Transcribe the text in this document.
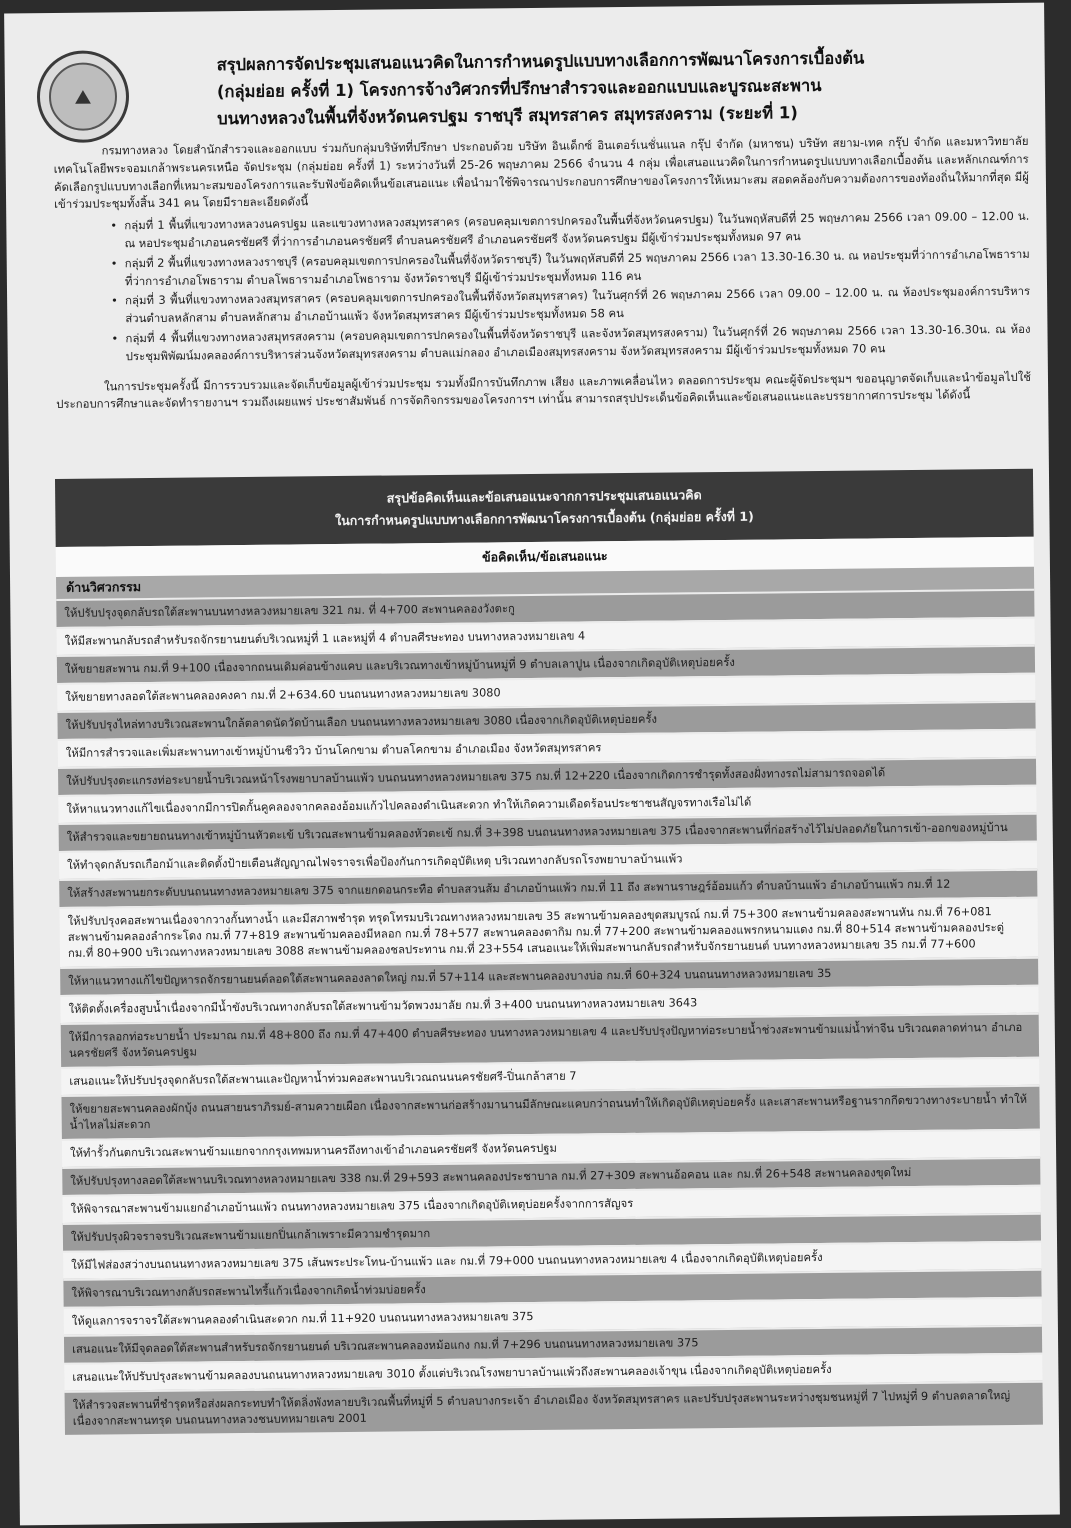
⛰
สรุปผลการจัดประชุมเสนอแนวคิดในการกำหนดรูปแบบทางเลือกการพัฒนาโครงการเบื้องต้น
(กลุ่มย่อย ครั้งที่ 1) โครงการจ้างวิศวกรที่ปรึกษาสำรวจและออกแบบและบูรณะสะพาน
บนทางหลวงในพื้นที่จังหวัดนครปฐม ราชบุรี สมุทรสาคร สมุทรสงคราม (ระยะที่ 1)

กรมทางหลวง โดยสำนักสำรวจและออกแบบ ร่วมกับกลุ่มบริษัทที่ปรึกษา ประกอบด้วย บริษัท อินเด็กซ์ อินเตอร์เนชั่นแนล กรุ๊ป จำกัด (มหาชน) บริษัท สยาม-เทค กรุ๊ป จำกัด และมหาวิทยาลัยเทคโนโลยีพระจอมเกล้าพระนครเหนือ จัดประชุม (กลุ่มย่อย ครั้งที่ 1) ระหว่างวันที่ 25-26 พฤษภาคม 2566 จำนวน 4 กลุ่ม เพื่อเสนอแนวคิดในการกำหนดรูปแบบทางเลือกเบื้องต้น และหลักเกณฑ์การคัดเลือกรูปแบบทางเลือกที่เหมาะสมของโครงการและรับฟังข้อคิดเห็นข้อเสนอแนะ เพื่อนำมาใช้พิจารณาประกอบการศึกษาของโครงการให้เหมาะสม สอดคล้องกับความต้องการของท้องถิ่นให้มากที่สุด มีผู้เข้าร่วมประชุมทั้งสิ้น 341 คน โดยมีรายละเอียดดังนี้

• กลุ่มที่ 1 พื้นที่แขวงทางหลวงนครปฐม และแขวงทางหลวงสมุทรสาคร (ครอบคลุมเขตการปกครองในพื้นที่จังหวัดนครปฐม) ในวันพฤหัสบดีที่ 25 พฤษภาคม 2566 เวลา 09.00 – 12.00 น. ณ หอประชุมอำเภอนครชัยศรี ที่ว่าการอำเภอนครชัยศรี ตำบลนครชัยศรี อำเภอนครชัยศรี จังหวัดนครปฐม มีผู้เข้าร่วมประชุมทั้งหมด 97 คน
• กลุ่มที่ 2 พื้นที่แขวงทางหลวงราชบุรี (ครอบคลุมเขตการปกครองในพื้นที่จังหวัดราชบุรี) ในวันพฤหัสบดีที่ 25 พฤษภาคม 2566 เวลา 13.30-16.30 น. ณ หอประชุมที่ว่าการอำเภอโพธาราม ที่ว่าการอำเภอโพธาราม ตำบลโพธารามอำเภอโพธาราม จังหวัดราชบุรี มีผู้เข้าร่วมประชุมทั้งหมด 116 คน
• กลุ่มที่ 3 พื้นที่แขวงทางหลวงสมุทรสาคร (ครอบคลุมเขตการปกครองในพื้นที่จังหวัดสมุทรสาคร) ในวันศุกร์ที่ 26 พฤษภาคม 2566 เวลา 09.00 – 12.00 น. ณ ห้องประชุมองค์การบริหารส่วนตำบลหลักสาม ตำบลหลักสาม อำเภอบ้านแพ้ว จังหวัดสมุทรสาคร มีผู้เข้าร่วมประชุมทั้งหมด 58 คน
• กลุ่มที่ 4 พื้นที่แขวงทางหลวงสมุทรสงคราม (ครอบคลุมเขตการปกครองในพื้นที่จังหวัดราชบุรี และจังหวัดสมุทรสงคราม) ในวันศุกร์ที่ 26 พฤษภาคม 2566 เวลา 13.30-16.30น. ณ ห้องประชุมพิพัฒน์มงคลองค์การบริหารส่วนจังหวัดสมุทรสงคราม ตำบลแม่กลอง อำเภอเมืองสมุทรสงคราม จังหวัดสมุทรสงคราม มีผู้เข้าร่วมประชุมทั้งหมด 70 คน

ในการประชุมครั้งนี้ มีการรวบรวมและจัดเก็บข้อมูลผู้เข้าร่วมประชุม รวมทั้งมีการบันทึกภาพ เสียง และภาพเคลื่อนไหว ตลอดการประชุม คณะผู้จัดประชุมฯ ขออนุญาตจัดเก็บและนำข้อมูลไปใช้ประกอบการศึกษาและจัดทำรายงานฯ รวมถึงเผยแพร่ ประชาสัมพันธ์ การจัดกิจกรรมของโครงการฯ เท่านั้น สามารถสรุปประเด็นข้อคิดเห็นและข้อเสนอแนะและบรรยากาศการประชุม ได้ดังนี้

สรุปข้อคิดเห็นและข้อเสนอแนะจากการประชุมเสนอแนวคิด
ในการกำหนดรูปแบบทางเลือกการพัฒนาโครงการเบื้องต้น (กลุ่มย่อย ครั้งที่ 1)
ข้อคิดเห็น/ข้อเสนอแนะ
ด้านวิศวกรรม
ให้ปรับปรุงจุดกลับรถใต้สะพานบนทางหลวงหมายเลข 321 กม. ที่ 4+700 สะพานคลองวังตะกู
ให้มีสะพานกลับรถสำหรับรถจักรยานยนต์บริเวณหมู่ที่ 1 และหมู่ที่ 4 ตำบลศีรษะทอง บนทางหลวงหมายเลข 4
ให้ขยายสะพาน กม.ที่ 9+100 เนื่องจากถนนเดิมค่อนข้างแคบ และบริเวณทางเข้าหมู่บ้านหมู่ที่ 9 ตำบลเลาปูน เนื่องจากเกิดอุบัติเหตุบ่อยครั้ง
ให้ขยายทางลอดใต้สะพานคลองคงคา กม.ที่ 2+634.60 บนถนนทางหลวงหมายเลข 3080
ให้ปรับปรุงไหล่ทางบริเวณสะพานใกล้ตลาดนัดวัดบ้านเลือก บนถนนทางหลวงหมายเลข 3080 เนื่องจากเกิดอุบัติเหตุบ่อยครั้ง
ให้มีการสำรวจและเพิ่มสะพานทางเข้าหมู่บ้านชีววิว บ้านโคกขาม ตำบลโคกขาม อำเภอเมือง จังหวัดสมุทรสาคร
ให้ปรับปรุงตะแกรงท่อระบายน้ำบริเวณหน้าโรงพยาบาลบ้านแพ้ว บนถนนทางหลวงหมายเลข 375 กม.ที่ 12+220 เนื่องจากเกิดการชำรุดทั้งสองฝั่งทางรถไม่สามารถจอดได้
ให้หาแนวทางแก้ไขเนื่องจากมีการปิดกั้นคูคลองจากคลองอ้อมแก้วไปคลองดำเนินสะดวก ทำให้เกิดความเดือดร้อนประชาชนสัญจรทางเรือไม่ได้
ให้สำรวจและขยายถนนทางเข้าหมู่บ้านหัวตะเข้ บริเวณสะพานข้ามคลองหัวตะเข้ กม.ที่ 3+398 บนถนนทางหลวงหมายเลข 375 เนื่องจากสะพานที่ก่อสร้างไว้ไม่ปลอดภัยในการเข้า-ออกของหมู่บ้าน
ให้ทำจุดกลับรถเกือกม้าและติดตั้งป้ายเตือนสัญญาณไฟจราจรเพื่อป้องกันการเกิดอุบัติเหตุ บริเวณทางกลับรถโรงพยาบาลบ้านแพ้ว
ให้สร้างสะพานยกระดับบนถนนทางหลวงหมายเลข 375 จากแยกดอนกระทือ ตำบลสวนส้ม อำเภอบ้านแพ้ว กม.ที่ 11 ถึง สะพานราษฎร์อ้อมแก้ว ตำบลบ้านแพ้ว อำเภอบ้านแพ้ว กม.ที่ 12
ให้ปรับปรุงคอสะพานเนื่องจากวางกั้นทางน้ำ และมีสภาพชำรุด ทรุดโทรมบริเวณทางหลวงหมายเลข 35 สะพานข้ามคลองขุดสมบูรณ์ กม.ที่ 75+300 สะพานข้ามคลองสะพานหัน กม.ที่ 76+081 สะพานข้ามคลองลำกระโดง กม.ที่ 77+819 สะพานข้ามคลองมีหลอก กม.ที่ 78+577 สะพานคลองตากิม กม.ที่ 77+200 สะพานข้ามคลองแพรกหนามแดง กม.ที่ 80+514 สะพานข้ามคลองประดู่ กม.ที่ 80+900 บริเวณทางหลวงหมายเลข 3088 สะพานข้ามคลองชลประทาน กม.ที่ 23+554 เสนอแนะให้เพิ่มสะพานกลับรถสำหรับจักรยานยนต์ บนทางหลวงหมายเลข 35 กม.ที่ 77+600
ให้หาแนวทางแก้ไขปัญหารถจักรยานยนต์ลอดใต้สะพานคลองลาดใหญ่ กม.ที่ 57+114 และสะพานคลองบางบ่อ กม.ที่ 60+324 บนถนนทางหลวงหมายเลข 35
ให้ติดตั้งเครื่องสูบน้ำเนื่องจากมีน้ำขังบริเวณทางกลับรถใต้สะพานข้ามวัดพวงมาลัย กม.ที่ 3+400 บนถนนทางหลวงหมายเลข 3643
ให้มีการลอกท่อระบายน้ำ ประมาณ กม.ที่ 48+800 ถึง กม.ที่ 47+400 ตำบลศีรษะทอง บนทางหลวงหมายเลข 4 และปรับปรุงปัญหาท่อระบายน้ำช่วงสะพานข้ามแม่น้ำท่าจีน บริเวณตลาดท่านา อำเภอนครชัยศรี จังหวัดนครปฐม
เสนอแนะให้ปรับปรุงจุดกลับรถใต้สะพานและปัญหาน้ำท่วมคอสะพานบริเวณถนนนครชัยศรี-ปิ่นเกล้าสาย 7
ให้ขยายสะพานคลองผักบุ้ง ถนนสายนราภิรมย์-สามควายเผือก เนื่องจากสะพานก่อสร้างมานานมีลักษณะแคบกว่าถนนทำให้เกิดอุบัติเหตุบ่อยครั้ง และเสาสะพานหรือฐานรากกีดขวางทางระบายน้ำ ทำให้น้ำไหลไม่สะดวก
ให้ทำรั้วกันตกบริเวณสะพานข้ามแยกจากกรุงเทพมหานครถึงทางเข้าอำเภอนครชัยศรี จังหวัดนครปฐม
ให้ปรับปรุงทางลอดใต้สะพานบริเวณทางหลวงหมายเลข 338 กม.ที่ 29+593 สะพานคลองประชาบาล กม.ที่ 27+309 สะพานอ้อคอน และ กม.ที่ 26+548 สะพานคลองขุดใหม่
ให้พิจารณาสะพานข้ามแยกอำเภอบ้านแพ้ว ถนนทางหลวงหมายเลข 375 เนื่องจากเกิดอุบัติเหตุบ่อยครั้งจากการสัญจร
ให้ปรับปรุงผิวจราจรบริเวณสะพานข้ามแยกปิ่นเกล้าเพราะมีความชำรุดมาก
ให้มีไฟส่องสว่างบนถนนทางหลวงหมายเลข 375 เส้นพระประโทน-บ้านแพ้ว และ กม.ที่ 79+000 บนถนนทางหลวงหมายเลข 4 เนื่องจากเกิดอุบัติเหตุบ่อยครั้ง
ให้พิจารณาบริเวณทางกลับรถสะพานไทรี้แก้วเนื่องจากเกิดน้ำท่วมบ่อยครั้ง
ให้ดูแลการจราจรใต้สะพานคลองดำเนินสะดวก กม.ที่ 11+920 บนถนนทางหลวงหมายเลข 375
เสนอแนะให้มีจุดลอดใต้สะพานสำหรับรถจักรยานยนต์ บริเวณสะพานคลองหม้อแกง กม.ที่ 7+296 บนถนนทางหลวงหมายเลข 375
เสนอแนะให้ปรับปรุงสะพานข้ามคลองบนถนนทางหลวงหมายเลข 3010 ตั้งแต่บริเวณโรงพยาบาลบ้านแพ้วถึงสะพานคลองเจ้าขุน เนื่องจากเกิดอุบัติเหตุบ่อยครั้ง
ให้สำรวจสะพานที่ชำรุดหรือส่งผลกระทบทำให้ตลิ่งพังทลายบริเวณพื้นที่หมู่ที่ 5 ตำบลบางกระเจ้า อำเภอเมือง จังหวัดสมุทรสาคร และปรับปรุงสะพานระหว่างชุมชนหมู่ที่ 7 ไปหมู่ที่ 9 ตำบลตลาดใหญ่ เนื่องจากสะพานทรุด บนถนนทางหลวงชนบทหมายเลข 2001
